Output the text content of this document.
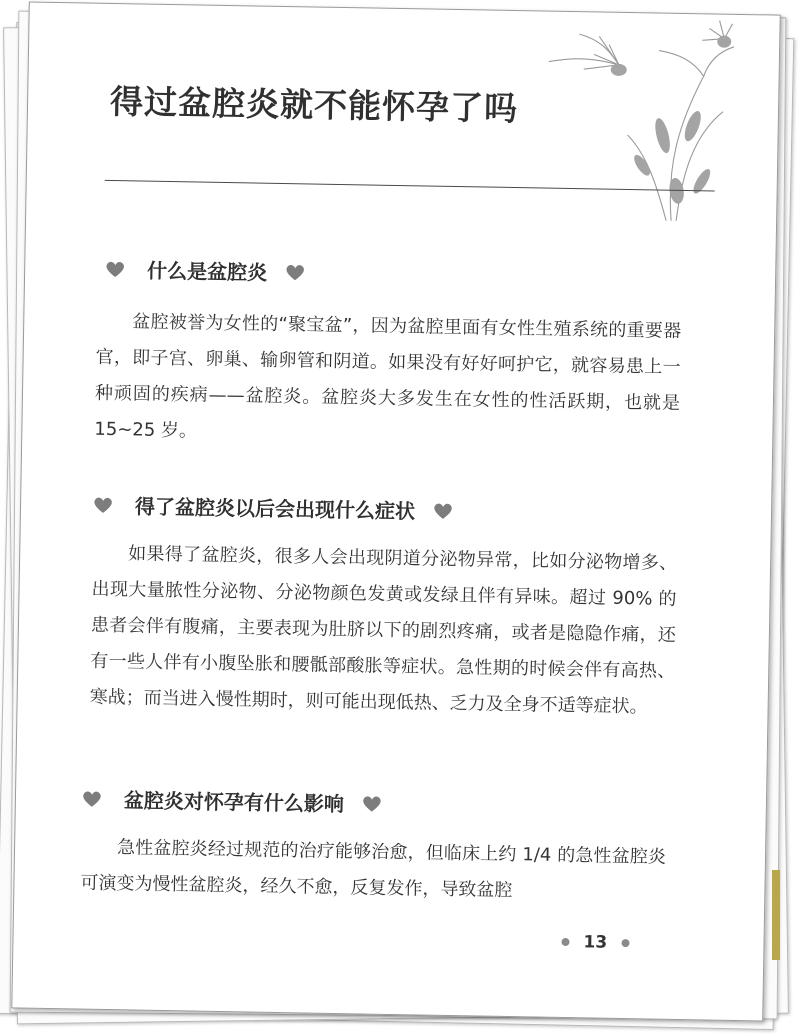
得过盆腔炎就不能怀孕了吗
什么是盆腔炎

盆腔被誉为女性的“聚宝盆”，因为盆腔里面有女性生殖系统的重要器官，即子宫、卵巢、输卵管和阴道。如果没有好好呵护它，就容易患上一种顽固的疾病——盆腔炎。盆腔炎大多发生在女性的性活跃期，也就是 15~25 岁。

得了盆腔炎以后会出现什么症状

如果得了盆腔炎，很多人会出现阴道分泌物异常，比如分泌物增多、出现大量脓性分泌物、分泌物颜色发黄或发绿且伴有异味。超过 90% 的患者会伴有腹痛，主要表现为肚脐以下的剧烈疼痛，或者是隐隐作痛，还有一些人伴有小腹坠胀和腰骶部酸胀等症状。急性期的时候会伴有高热、寒战；而当进入慢性期时，则可能出现低热、乏力及全身不适等症状。

盆腔炎对怀孕有什么影响

急性盆腔炎经过规范的治疗能够治愈，但临床上约 1/4 的急性盆腔炎可演变为慢性盆腔炎，经久不愈，反复发作，导致盆腔

13
